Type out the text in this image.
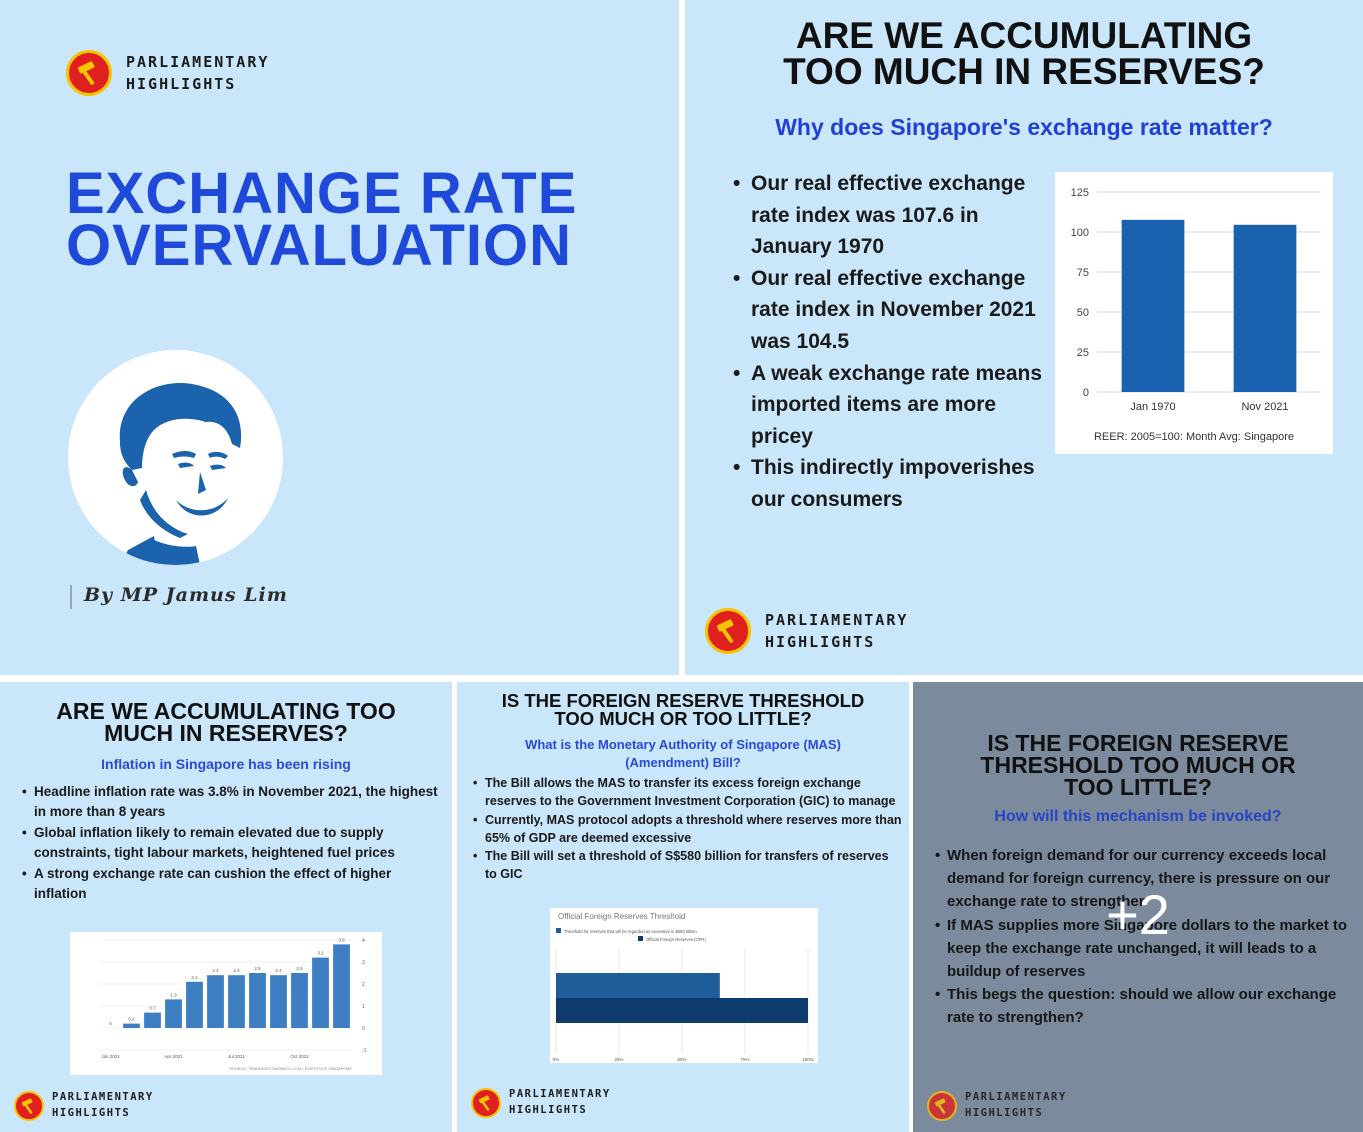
PARLIAMENTARY
HIGHLIGHTS
EXCHANGE RATE
OVERVALUATION
By MP Jamus Lim
ARE WE ACCUMULATING
TOO MUCH IN RESERVES?
Why does Singapore's exchange rate matter?
• Our real effective exchange rate index was 107.6 in January 1970
• Our real effective exchange rate index in November 2021 was 104.5
• A weak exchange rate means imported items are more pricey
• This indirectly impoverishes our consumers
0
25
50
75
100
125
Jan 1970	Nov 2021
REER: 2005=100: Month Avg: Singapore
PARLIAMENTARY
HIGHLIGHTS
ARE WE ACCUMULATING TOO
MUCH IN RESERVES?
Inflation in Singapore has been rising
• Headline inflation rate was 3.8% in November 2021, the highest in more than 8 years
• Global inflation likely to remain elevated due to supply constraints, tight labour markets, heightened fuel prices
• A strong exchange rate can cushion the effect of higher inflation
-1
0
1
2
3
4
0
0.2
0.7
1.3
2.1
2.4	2.4	2.5	2.4	2.5
3.2
3.8
Jan 2021	Apr 2021	Jul 2021	Oct 2021
SOURCE: TRADINGECONOMICS.COM | STATISTICS SINGAPORE
PARLIAMENTARY
HIGHLIGHTS
IS THE FOREIGN RESERVE THRESHOLD
TOO MUCH OR TOO LITTLE?
What is the Monetary Authority of Singapore (MAS)
(Amendment) Bill?
• The Bill allows the MAS to transfer its excess foreign exchange reserves to the Government Investment Corporation (GIC) to manage
• Currently, MAS protocol adopts a threshold where reserves more than 65% of GDP are deemed excessive
• The Bill will set a threshold of S$580 billion for transfers of reserves to GIC
Official Foreign Reserves Threshold
Threshold for reserves that will be regarded as excessive in $580 billion
Official Foreign Reserves (OFR)
0%	25%	50%	75%	100%
PARLIAMENTARY
HIGHLIGHTS
IS THE FOREIGN RESERVE
THRESHOLD TOO MUCH OR
TOO LITTLE?
How will this mechanism be invoked?
• When foreign demand for our currency exceeds local demand for foreign currency, there is pressure on our exchange rate to strengthen
• If MAS supplies more Singapore dollars to the market to keep the exchange rate unchanged, it will leads to a buildup of reserves
• This begs the question: should we allow our exchange rate to strengthen?
PARLIAMENTARY
HIGHLIGHTS
+2
